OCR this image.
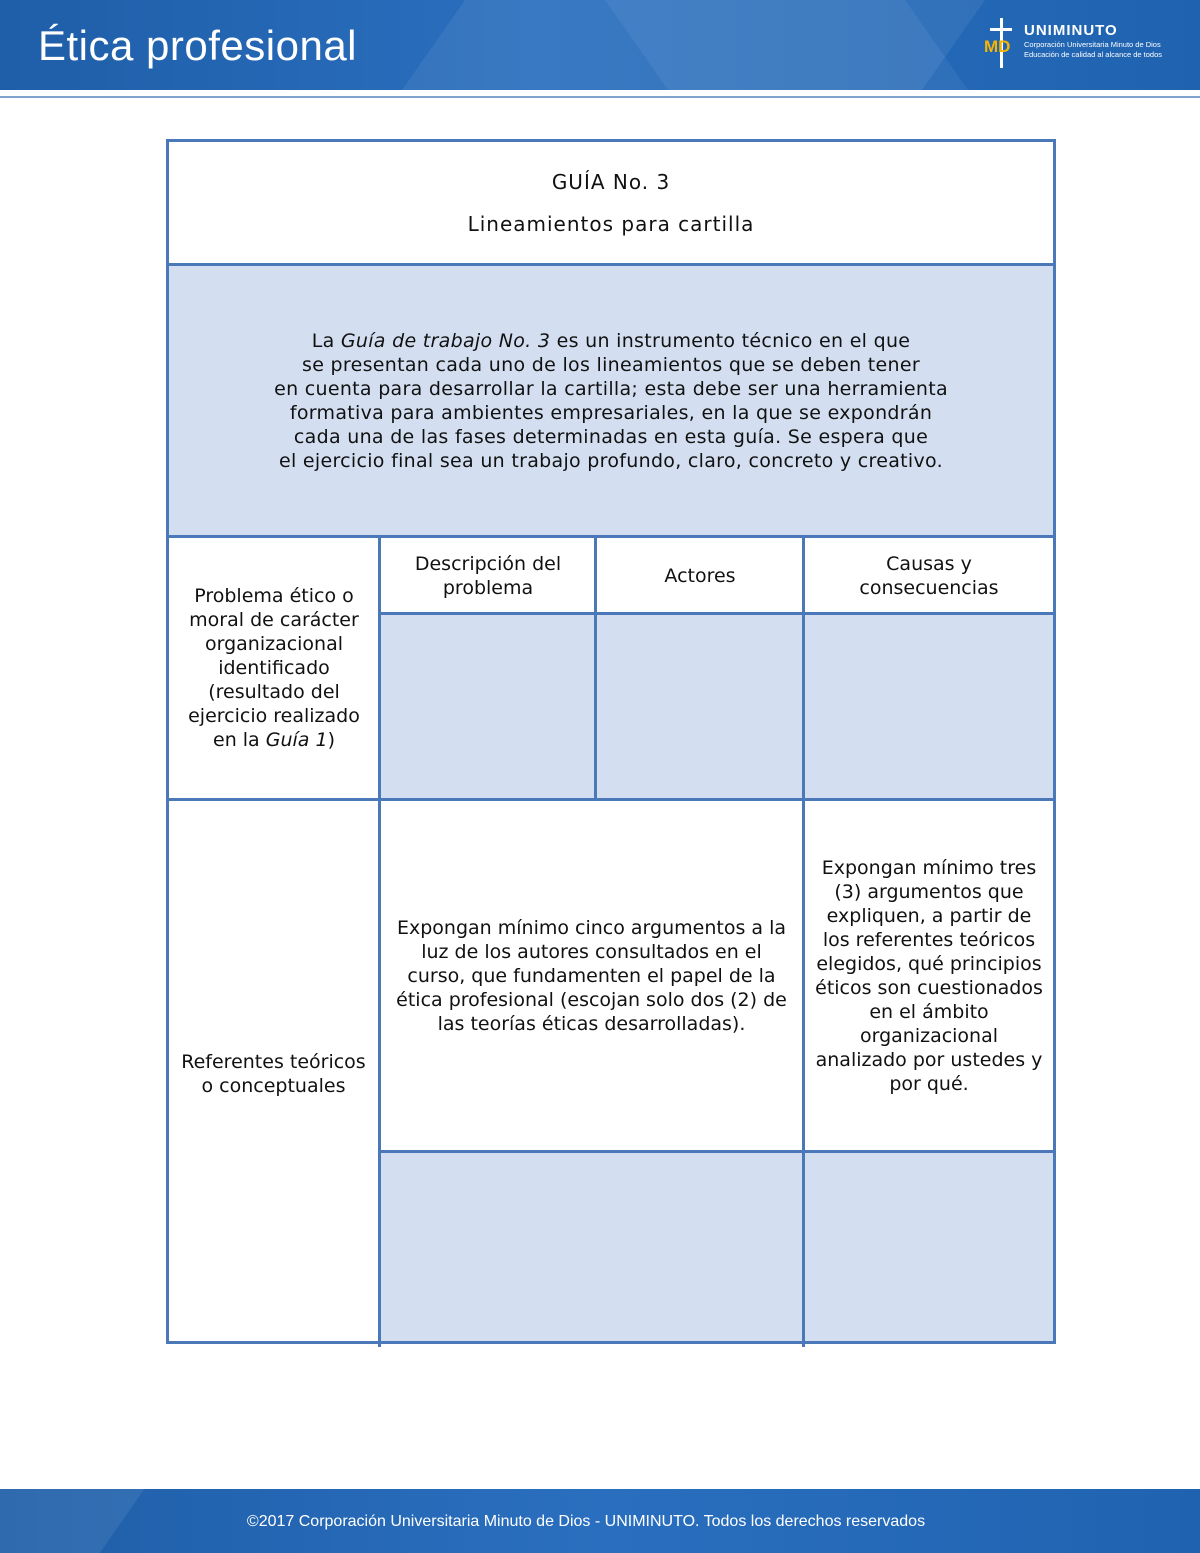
Ética profesional	MD
UNIMINUTO
Corporación Universitaria Minuto de Dios
Educación de calidad al alcance de todos
GUÍA No. 3
Lineamientos para cartilla
La Guía de trabajo No. 3 es un instrumento técnico en el que
se presentan cada uno de los lineamientos que se deben tener
en cuenta para desarrollar la cartilla; esta debe ser una herramienta
formativa para ambientes empresariales, en la que se expondrán
cada una de las fases determinadas en esta guía. Se espera que
el ejercicio final sea un trabajo profundo, claro, concreto y creativo.
Problema ético o moral de carácter organizacional identificado (resultado del ejercicio realizado en la Guía 1)
Descripción del problema
Actores
Causas y consecuencias
Referentes teóricos o conceptuales
Expongan mínimo cinco argumentos a la luz de los autores consultados en el curso, que fundamenten el papel de la ética profesional (escojan solo dos (2) de las teorías éticas desarrolladas).
Expongan mínimo tres (3) argumentos que expliquen, a partir de los referentes teóricos elegidos, qué principios éticos son cuestionados en el ámbito organizacional analizado por ustedes y por qué.
©2017 Corporación Universitaria Minuto de Dios - UNIMINUTO. Todos los derechos reservados
